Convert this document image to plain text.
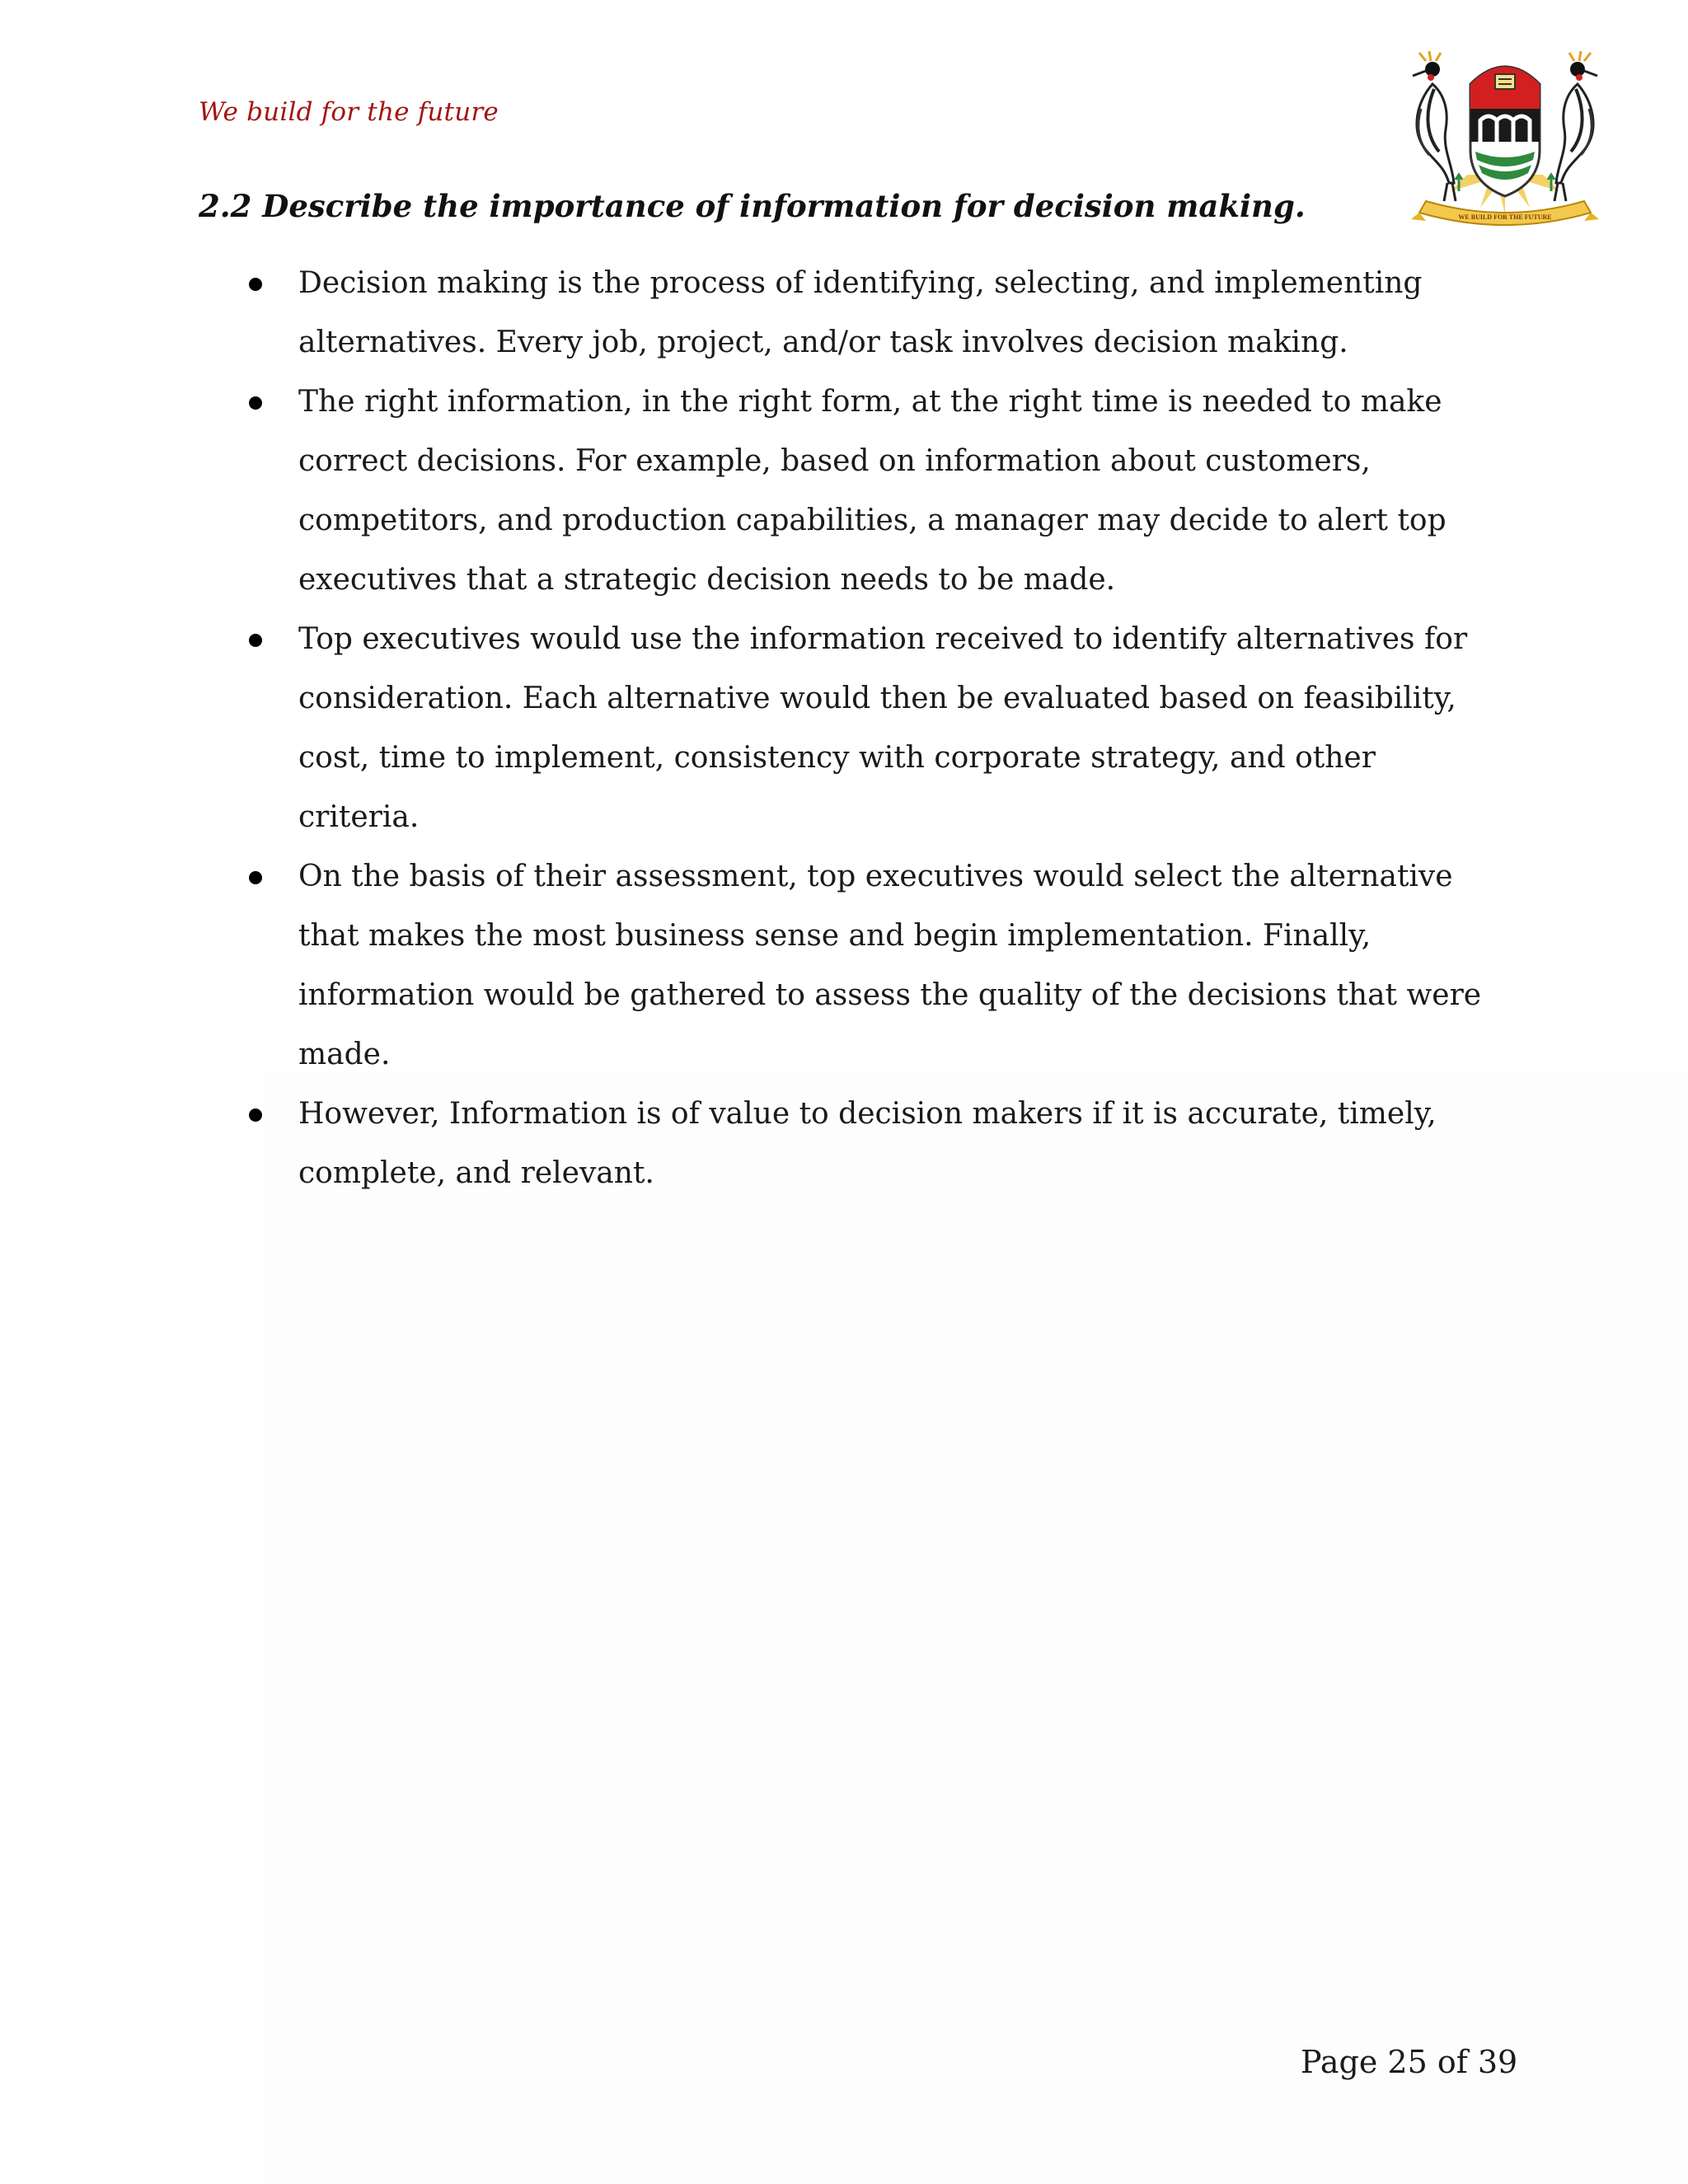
We build for the future
WE BUILD FOR THE FUTURE
2.2 Describe the importance of information for decision making.
Decision making is the process of identifying, selecting, and implementing alternatives. Every job, project, and/or task involves decision making.
The right information, in the right form, at the right time is needed to make correct decisions. For example, based on information about customers, competitors, and production capabilities, a manager may decide to alert top executives that a strategic decision needs to be made.
Top executives would use the information received to identify alternatives for consideration. Each alternative would then be evaluated based on feasibility, cost, time to implement, consistency with corporate strategy, and other criteria.
On the basis of their assessment, top executives would select the alternative that makes the most business sense and begin implementation. Finally, information would be gathered to assess the quality of the decisions that were made.
However, Information is of value to decision makers if it is accurate, timely, complete, and relevant.
Page 25 of 39
